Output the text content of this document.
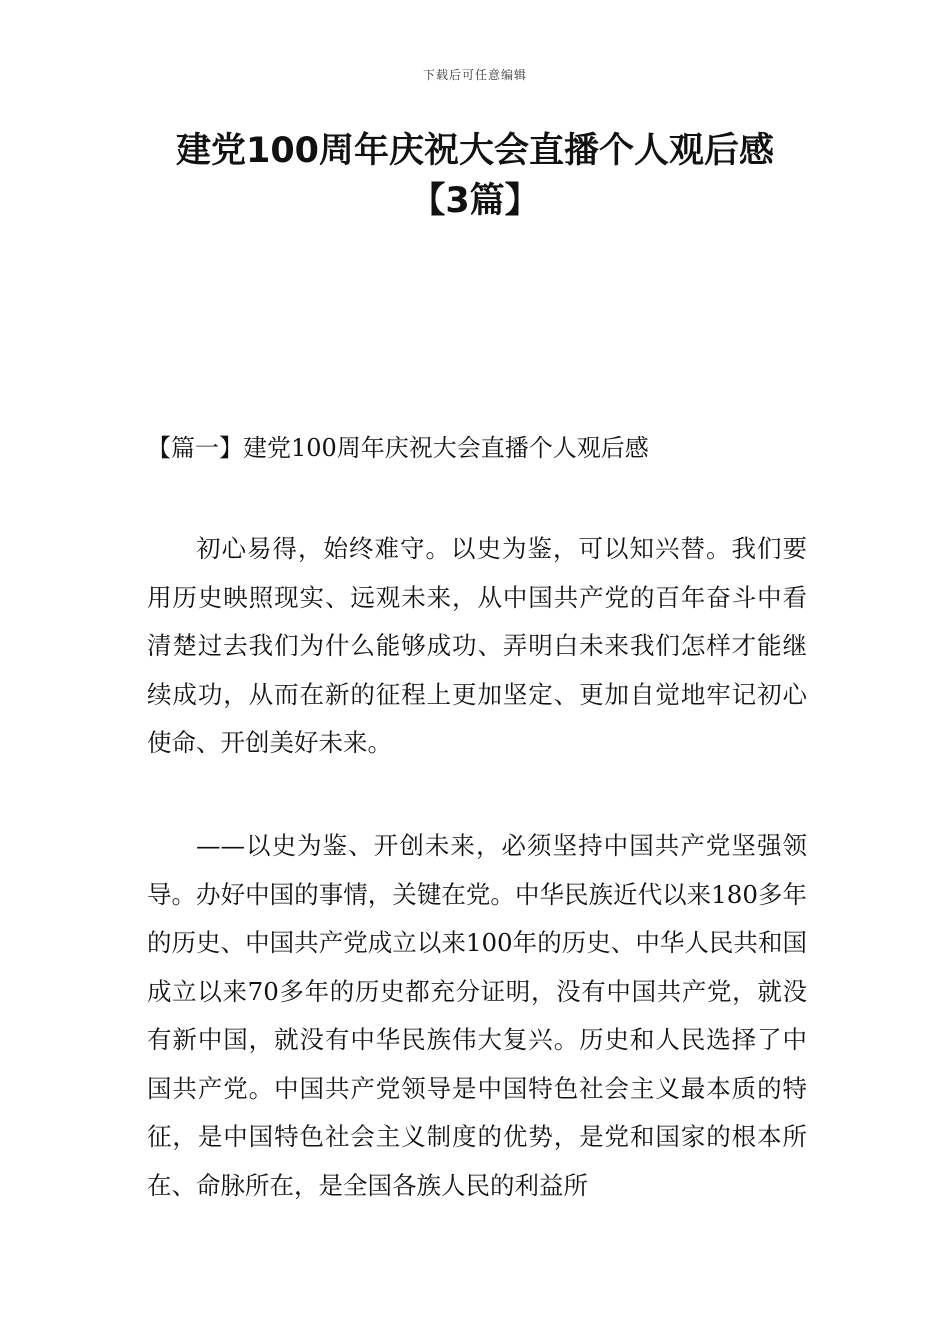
下载后可任意编辑
建党100周年庆祝大会直播个人观后感【3篇】
【篇一】建党100周年庆祝大会直播个人观后感

初心易得，始终难守。以史为鉴，可以知兴替。我们要用历史映照现实、远观未来，从中国共产党的百年奋斗中看清楚过去我们为什么能够成功、弄明白未来我们怎样才能继续成功，从而在新的征程上更加坚定、更加自觉地牢记初心使命、开创美好未来。

——以史为鉴、开创未来，必须坚持中国共产党坚强领导。办好中国的事情，关键在党。中华民族近代以来180多年的历史、中国共产党成立以来100年的历史、中华人民共和国成立以来70多年的历史都充分证明，没有中国共产党，就没有新中国，就没有中华民族伟大复兴。历史和人民选择了中国共产党。中国共产党领导是中国特色社会主义最本质的特征，是中国特色社会主义制度的优势，是党和国家的根本所在、命脉所在，是全国各族人民的利益所
